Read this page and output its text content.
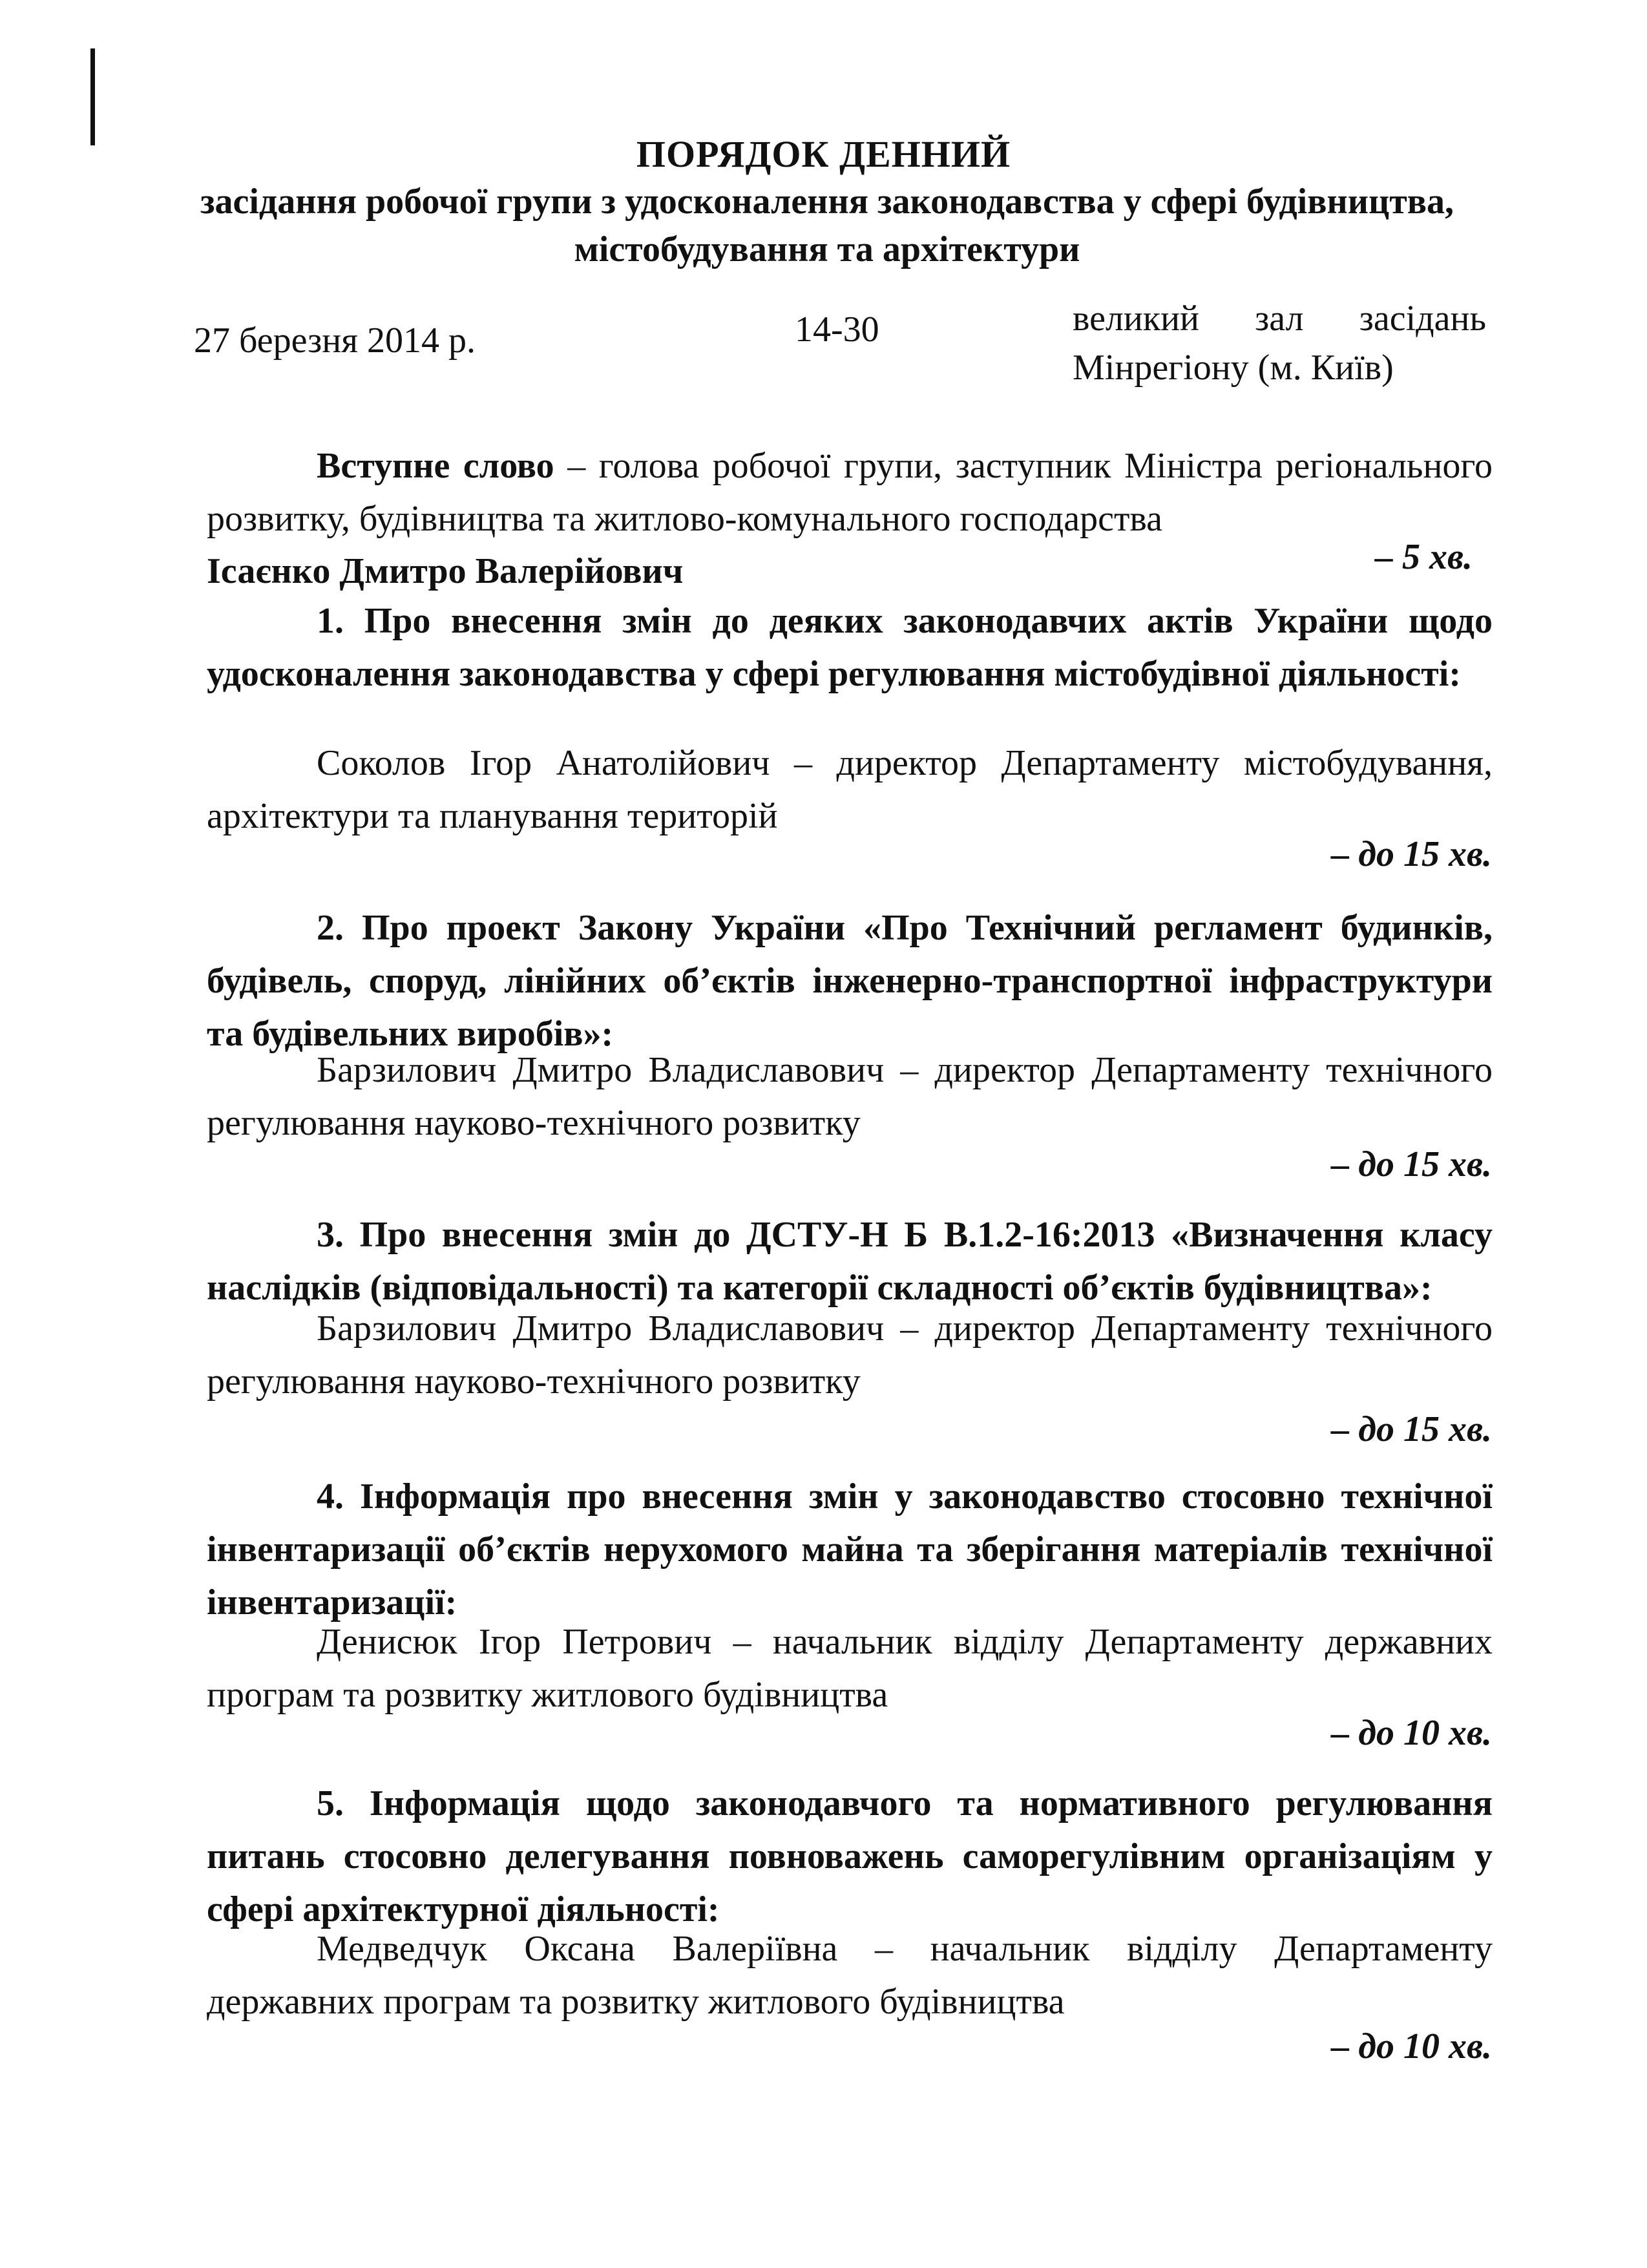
ПОРЯДОК ДЕННИЙ
засідання робочої групи з удосконалення законодавства у сфері будівництва, містобудування та архітектури
27 березня 2014 р.	14-30	великий зал засідань Мінрегіону (м. Київ)

Вступне слово – голова робочої групи, заступник Міністра регіонального розвитку, будівництва та житлово-комунального господарства

– 5 хв.
Ісаєнко Дмитро Валерійович

1. Про внесення змін до деяких законодавчих актів України щодо удосконалення законодавства у сфері регулювання містобудівної діяльності:

Соколов Ігор Анатолійович – директор Департаменту містобудування, архітектури та планування територій

– до 15 хв.

2. Про проект Закону України «Про Технічний регламент будинків, будівель, споруд, лінійних об’єктів інженерно-транспортної інфраструктури та будівельних виробів»:

Барзилович Дмитро Владиславович – директор Департаменту технічного регулювання науково-технічного розвитку

– до 15 хв.

3. Про внесення змін до ДСТУ-Н Б В.1.2-16:2013 «Визначення класу наслідків (відповідальності) та категорії складності об’єктів будівництва»:

Барзилович Дмитро Владиславович – директор Департаменту технічного регулювання науково-технічного розвитку

– до 15 хв.

4. Інформація про внесення змін у законодавство стосовно технічної інвентаризації об’єктів нерухомого майна та зберігання матеріалів технічної інвентаризації:

Денисюк Ігор Петрович – начальник відділу Департаменту державних програм та розвитку житлового будівництва

– до 10 хв.

5. Інформація щодо законодавчого та нормативного регулювання питань стосовно делегування повноважень саморегулівним організаціям у сфері архітектурної діяльності:

Медведчук Оксана Валеріївна – начальник відділу Департаменту державних програм та розвитку житлового будівництва

– до 10 хв.
